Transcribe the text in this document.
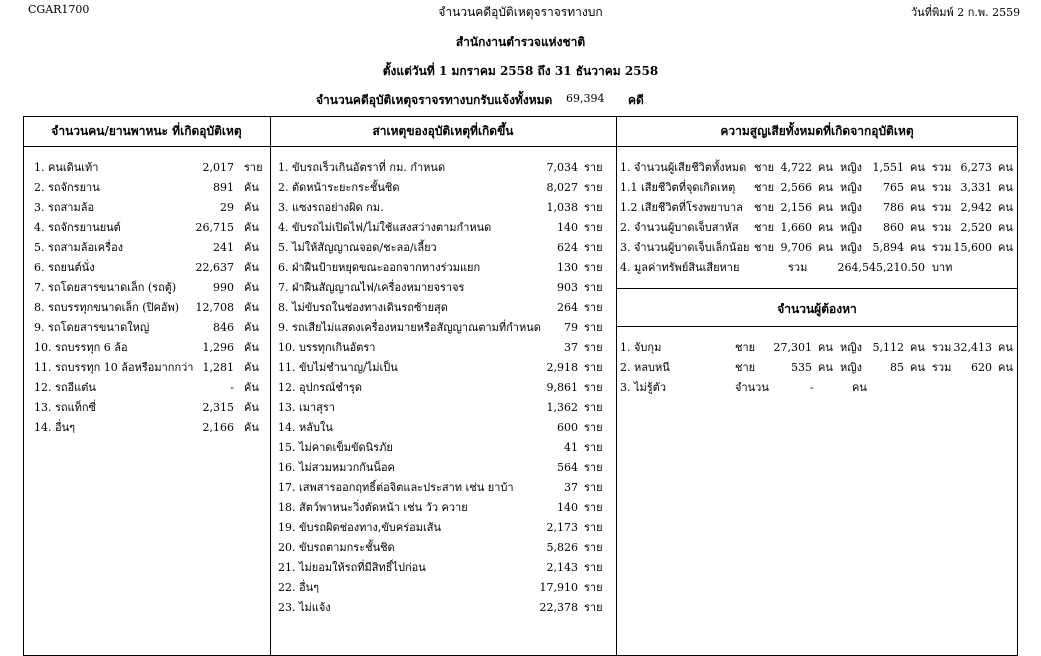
CGAR1700	วันที่พิมพ์ 2 ก.พ. 2559
จำนวนคดีอุบัติเหตุจราจรทางบก
สำนักงานตำรวจแห่งชาติ
ตั้งแต่วันที่ 1 มกราคม 2558 ถึง 31 ธันวาคม 2558
จำนวนคดีอุบัติเหตุจราจรทางบกรับแจ้งทั้งหมด 69,394 คดี
จำนวนคน/ยานพาหนะ ที่เกิดอุบัติเหตุ	สาเหตุของอุบัติเหตุที่เกิดขึ้น	ความสูญเสียทั้งหมดที่เกิดจากอุบัติเหตุ
จำนวนผู้ต้องหา
1. คนเดินเท้า	2,017 ราย
2. รถจักรยาน	891 คัน
3. รถสามล้อ	29 คัน
4. รถจักรยานยนต์	26,715 คัน
5. รถสามล้อเครื่อง	241 คัน
6. รถยนต์นั่ง	22,637 คัน
7. รถโดยสารขนาดเล็ก (รถตู้)	990 คัน
8. รถบรรทุกขนาดเล็ก (ปิคอัพ)	12,708 คัน
9. รถโดยสารขนาดใหญ่	846 คัน
10. รถบรรทุก 6 ล้อ	1,296 คัน
11. รถบรรทุก 10 ล้อหรือมากกว่า 1,281 คัน
12. รถอีแต๋น	- คัน
13. รถแท็กซี่	2,315 คัน
14. อื่นๆ	2,166 คัน
1. ขับรถเร็วเกินอัตราที่ กม. กำหนด	7,034 ราย
2. ตัดหน้าระยะกระชั้นชิด	8,027 ราย
3. แซงรถอย่างผิด กม.	1,038 ราย
4. ขับรถไม่เปิดไฟ/ไม่ใช้แสงสว่างตามกำหนด	140 ราย
5. ไม่ให้สัญญาณจอด/ชะลอ/เลี้ยว	624 ราย
6. ฝ่าฝืนป้ายหยุดขณะออกจากทางร่วมแยก	130 ราย
7. ฝ่าฝืนสัญญาณไฟ/เครื่องหมายจราจร	903 ราย
8. ไม่ขับรถในช่องทางเดินรถซ้ายสุด	264 ราย
9. รถเสียไม่แสดงเครื่องหมายหรือสัญญาณตามที่กำหนด	79 ราย
10. บรรทุกเกินอัตรา	37 ราย
11. ขับไม่ชำนาญ/ไม่เป็น	2,918 ราย
12. อุปกรณ์ชำรุด	9,861 ราย
13. เมาสุรา	1,362 ราย
14. หลับใน	600 ราย
15. ไม่คาดเข็มขัดนิรภัย	41 ราย
16. ไม่สวมหมวกกันน็อค	564 ราย
17. เสพสารออกฤทธิ์ต่อจิตและประสาท เช่น ยาบ้า	37 ราย
18. สัตว์พาหนะวิ่งตัดหน้า เช่น วัว ควาย	140 ราย
19. ขับรถผิดช่องทาง,ขับคร่อมเส้น	2,173 ราย
20. ขับรถตามกระชั้นชิด	5,826 ราย
21. ไม่ยอมให้รถที่มีสิทธิ์ไปก่อน	2,143 ราย
22. อื่นๆ	17,910 ราย
23. ไม่แจ้ง	22,378 ราย
1. จำนวนผู้เสียชีวิตทั้งหมด ชาย 4,722 คน หญิง 1,551 คน รวม 6,273 คน
1.1 เสียชีวิตที่จุดเกิดเหตุ ชาย 2,566 คน หญิง	765 คน รวม 3,331 คน
1.2 เสียชีวิตที่โรงพยาบาล ชาย 2,156 คน หญิง	786 คน รวม 2,942 คน
2. จำนวนผู้บาดเจ็บสาหัส ชาย 1,660 คน หญิง	860 คน รวม 2,520 คน
3. จำนวนผู้บาดเจ็บเล็กน้อย ชาย 9,706 คน หญิง 5,894 คน รวม 15,600 คน
4. มูลค่าทรัพย์สินเสียหาย	รวม	264,545,210.50 บาท
1. จับกุม	ชาย	27,301 คน หญิง 5,112 คน รวม 32,413 คน
2. หลบหนี	ชาย	535 คน หญิง	85 คน รวม	620 คน
3. ไม่รู้ตัว	จำนวน	-	คน
